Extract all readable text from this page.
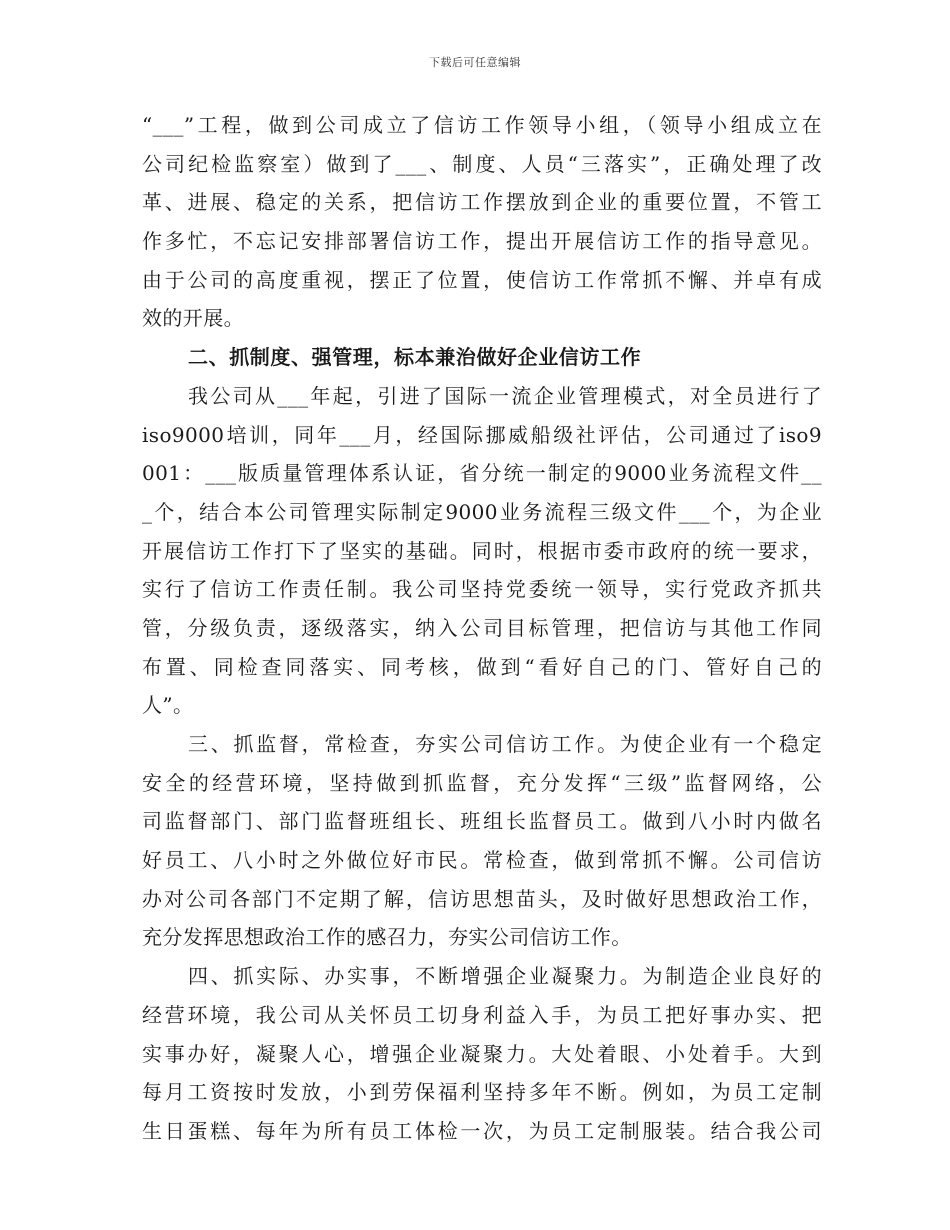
下载后可任意编辑
“___”工程，做到公司成立了信访工作领导小组，（领导小组成立在
公司纪检监察室）做到了___、制度、人员“三落实”，正确处理了改
革、进展、稳定的关系，把信访工作摆放到企业的重要位置，不管工
作多忙，不忘记安排部署信访工作，提出开展信访工作的指导意见。
由于公司的高度重视，摆正了位置，使信访工作常抓不懈、并卓有成
效的开展。
二、抓制度、强管理，标本兼治做好企业信访工作
我公司从___年起，引进了国际一流企业管理模式，对全员进行了
iso9000培训，同年___月，经国际挪威船级社评估，公司通过了iso9
001：___版质量管理体系认证，省分统一制定的9000业务流程文件__
_个，结合本公司管理实际制定9000业务流程三级文件___个，为企业
开展信访工作打下了坚实的基础。同时，根据市委市政府的统一要求，
实行了信访工作责任制。我公司坚持党委统一领导，实行党政齐抓共
管，分级负责，逐级落实，纳入公司目标管理，把信访与其他工作同
布置、同检查同落实、同考核，做到“看好自己的门、管好自己的
人”。
三、抓监督，常检查，夯实公司信访工作。为使企业有一个稳定
安全的经营环境，坚持做到抓监督，充分发挥“三级”监督网络，公
司监督部门、部门监督班组长、班组长监督员工。做到八小时内做名
好员工、八小时之外做位好市民。常检查，做到常抓不懈。公司信访
办对公司各部门不定期了解，信访思想苗头，及时做好思想政治工作，
充分发挥思想政治工作的感召力，夯实公司信访工作。
四、抓实际、办实事，不断增强企业凝聚力。为制造企业良好的
经营环境，我公司从关怀员工切身利益入手，为员工把好事办实、把
实事办好，凝聚人心，增强企业凝聚力。大处着眼、小处着手。大到
每月工资按时发放，小到劳保福利坚持多年不断。例如，为员工定制
生日蛋糕、每年为所有员工体检一次，为员工定制服装。结合我公司
